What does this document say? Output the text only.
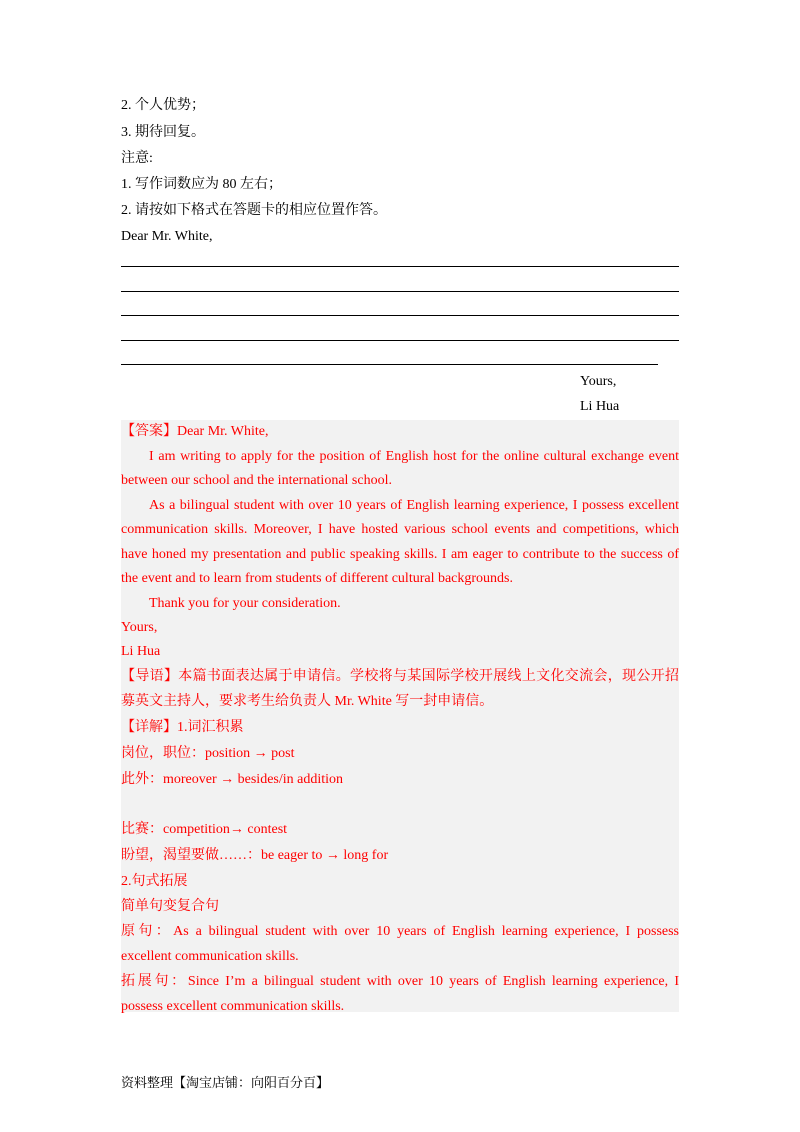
2. 个人优势；
3. 期待回复。
注意:
1. 写作词数应为 80 左右；
2. 请按如下格式在答题卡的相应位置作答。
Dear Mr. White,
Yours,
Li Hua
【答案】Dear Mr. White,
I am writing to apply for the position of English host for the online cultural exchange event
between our school and the international school.
As a bilingual student with over 10 years of English learning experience, I possess excellent
communication skills. Moreover, I have hosted various school events and competitions, which
have honed my presentation and public speaking skills. I am eager to contribute to the success of
the event and to learn from students of different cultural backgrounds.
Thank you for your consideration.
Yours,
Li Hua
【导语】本篇书面表达属于申请信。学校将与某国际学校开展线上文化交流会，现公开招
募英文主持人，要求考生给负责人 Mr. White 写一封申请信。
【详解】1.词汇积累
岗位，职位：position → post
此外：moreover → besides/in addition
比赛：competition→ contest
盼望，渴望要做……：be eager to → long for
2.句式拓展
简单句变复合句
原句：As a bilingual student with over 10 years of English learning experience, I possess
excellent communication skills.
拓展句：Since I’m a bilingual student with over 10 years of English learning experience, I
possess excellent communication skills.
资料整理【淘宝店铺：向阳百分百】
